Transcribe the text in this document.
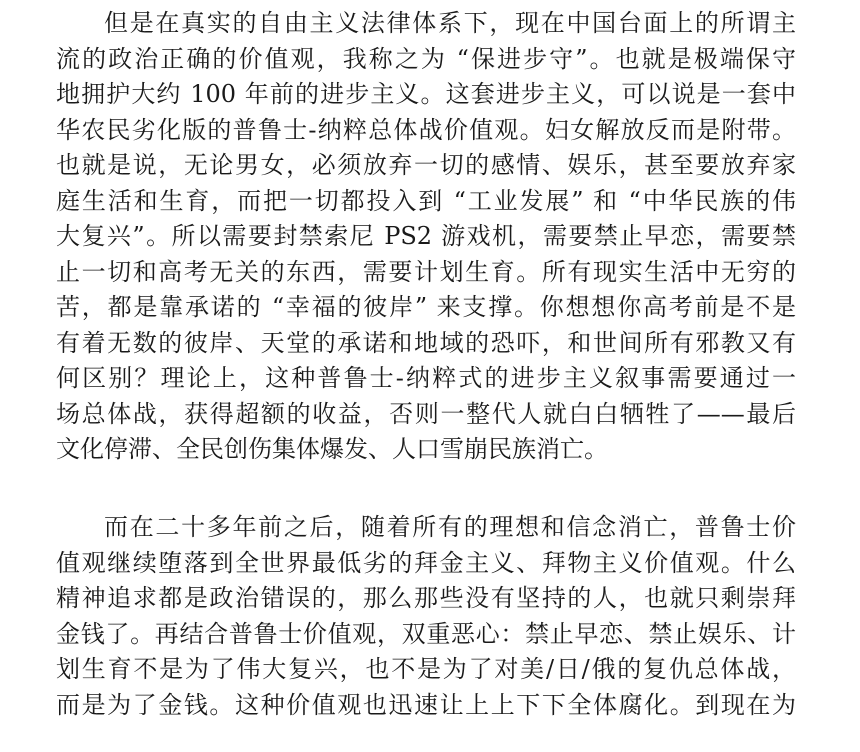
但是在真实的自由主义法律体系下，现在中国台面上的所谓主
流的政治正确的价值观，我称之为 “保进步守”。也就是极端保守
地拥护大约 100 年前的进步主义。这套进步主义，可以说是一套中
华农民劣化版的普鲁士-纳粹总体战价值观。妇女解放反而是附带。
也就是说，无论男女，必须放弃一切的感情、娱乐，甚至要放弃家
庭生活和生育，而把一切都投入到 “工业发展” 和 “中华民族的伟
大复兴”。所以需要封禁索尼 PS2 游戏机，需要禁止早恋，需要禁
止一切和高考无关的东西，需要计划生育。所有现实生活中无穷的
苦，都是靠承诺的 “幸福的彼岸” 来支撑。你想想你高考前是不是
有着无数的彼岸、天堂的承诺和地域的恐吓，和世间所有邪教又有
何区别？理论上，这种普鲁士-纳粹式的进步主义叙事需要通过一
场总体战，获得超额的收益，否则一整代人就白白牺牲了——最后
文化停滞、全民创伤集体爆发、人口雪崩民族消亡。
而在二十多年前之后，随着所有的理想和信念消亡，普鲁士价
值观继续堕落到全世界最低劣的拜金主义、拜物主义价值观。什么
精神追求都是政治错误的，那么那些没有坚持的人，也就只剩崇拜
金钱了。再结合普鲁士价值观，双重恶心：禁止早恋、禁止娱乐、计
划生育不是为了伟大复兴，也不是为了对美/日/俄的复仇总体战，
而是为了金钱。这种价值观也迅速让上上下下全体腐化。到现在为
